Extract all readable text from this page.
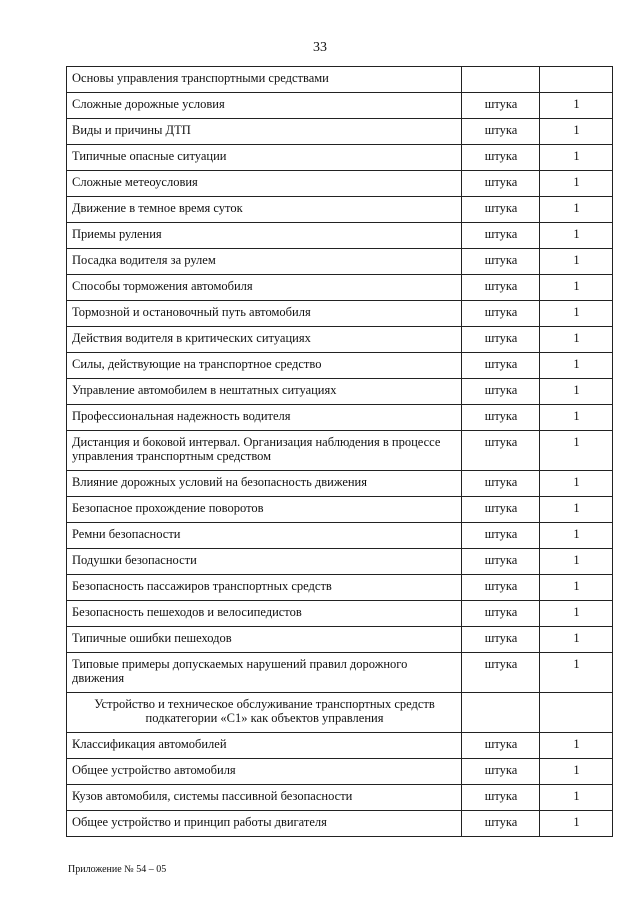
33
Основы управления транспортными средствами		
Сложные дорожные условия	штука	1
Виды и причины ДТП	штука	1
Типичные опасные ситуации	штука	1
Сложные метеоусловия	штука	1
Движение в темное время суток	штука	1
Приемы руления	штука	1
Посадка водителя за рулем	штука	1
Способы торможения автомобиля	штука	1
Тормозной и остановочный путь автомобиля	штука	1
Действия водителя в критических ситуациях	штука	1
Силы, действующие на транспортное средство	штука	1
Управление автомобилем в нештатных ситуациях	штука	1
Профессиональная надежность водителя	штука	1
Дистанция и боковой интервал. Организация наблюдения в процессе управления транспортным средством	штука	1
Влияние дорожных условий на безопасность движения	штука	1
Безопасное прохождение поворотов	штука	1
Ремни безопасности	штука	1
Подушки безопасности	штука	1
Безопасность пассажиров транспортных средств	штука	1
Безопасность пешеходов и велосипедистов	штука	1
Типичные ошибки пешеходов	штука	1
Типовые примеры допускаемых нарушений правил дорожного движения	штука	1
Устройство и техническое обслуживание транспортных средств подкатегории «C1» как объектов управления		
Классификация автомобилей	штука	1
Общее устройство автомобиля	штука	1
Кузов автомобиля, системы пассивной безопасности	штука	1
Общее устройство и принцип работы двигателя	штука	1
Приложение № 54 – 05
